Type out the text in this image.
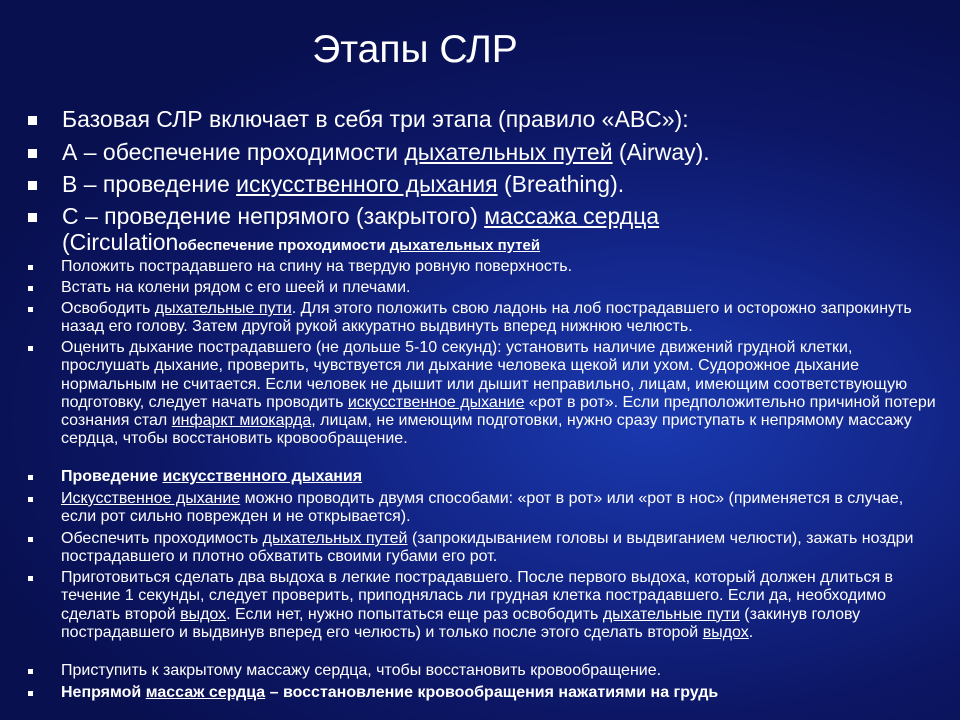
Этапы СЛР
Базовая СЛР включает в себя три этапа (правило «ABC»):
А – обеспечение проходимости дыхательных путей (Airway).
В – проведение искусственного дыхания (Breathing).
С – проведение непрямого (закрытого) массажа сердца
(Circulationобеспечение проходимости дыхательных путей
Положить пострадавшего на спину на твердую ровную поверхность.
Встать на колени рядом с его шеей и плечами.
Освободить дыхательные пути. Для этого положить свою ладонь на лоб пострадавшего и осторожно запрокинуть назад его голову. Затем другой рукой аккуратно выдвинуть вперед нижнюю челюсть.
Оценить дыхание пострадавшего (не дольше 5-10 секунд): установить наличие движений грудной клетки, прослушать дыхание, проверить, чувствуется ли дыхание человека щекой или ухом. Судорожное дыхание нормальным не считается. Если человек не дышит или дышит неправильно, лицам, имеющим соответствующую подготовку, следует начать проводить искусственное дыхание «рот в рот». Если предположительно причиной потери сознания стал инфаркт миокарда, лицам, не имеющим подготовки, нужно сразу приступать к непрямому массажу сердца, чтобы восстановить кровообращение.
Проведение искусственного дыхания
Искусственное дыхание можно проводить двумя способами: «рот в рот» или «рот в нос» (применяется в случае, если рот сильно поврежден и не открывается).
Обеспечить проходимость дыхательных путей (запрокидыванием головы и выдвиганием челюсти), зажать ноздри пострадавшего и плотно обхватить своими губами его рот.
Приготовиться сделать два выдоха в легкие пострадавшего. После первого выдоха, который должен длиться в течение 1 секунды, следует проверить, приподнялась ли грудная клетка пострадавшего. Если да, необходимо сделать второй выдох. Если нет, нужно попытаться еще раз освободить дыхательные пути (закинув голову пострадавшего и выдвинув вперед его челюсть) и только после этого сделать второй выдох.
Приступить к закрытому массажу сердца, чтобы восстановить кровообращение.
Непрямой массаж сердца – восстановление кровообращения нажатиями на грудь
